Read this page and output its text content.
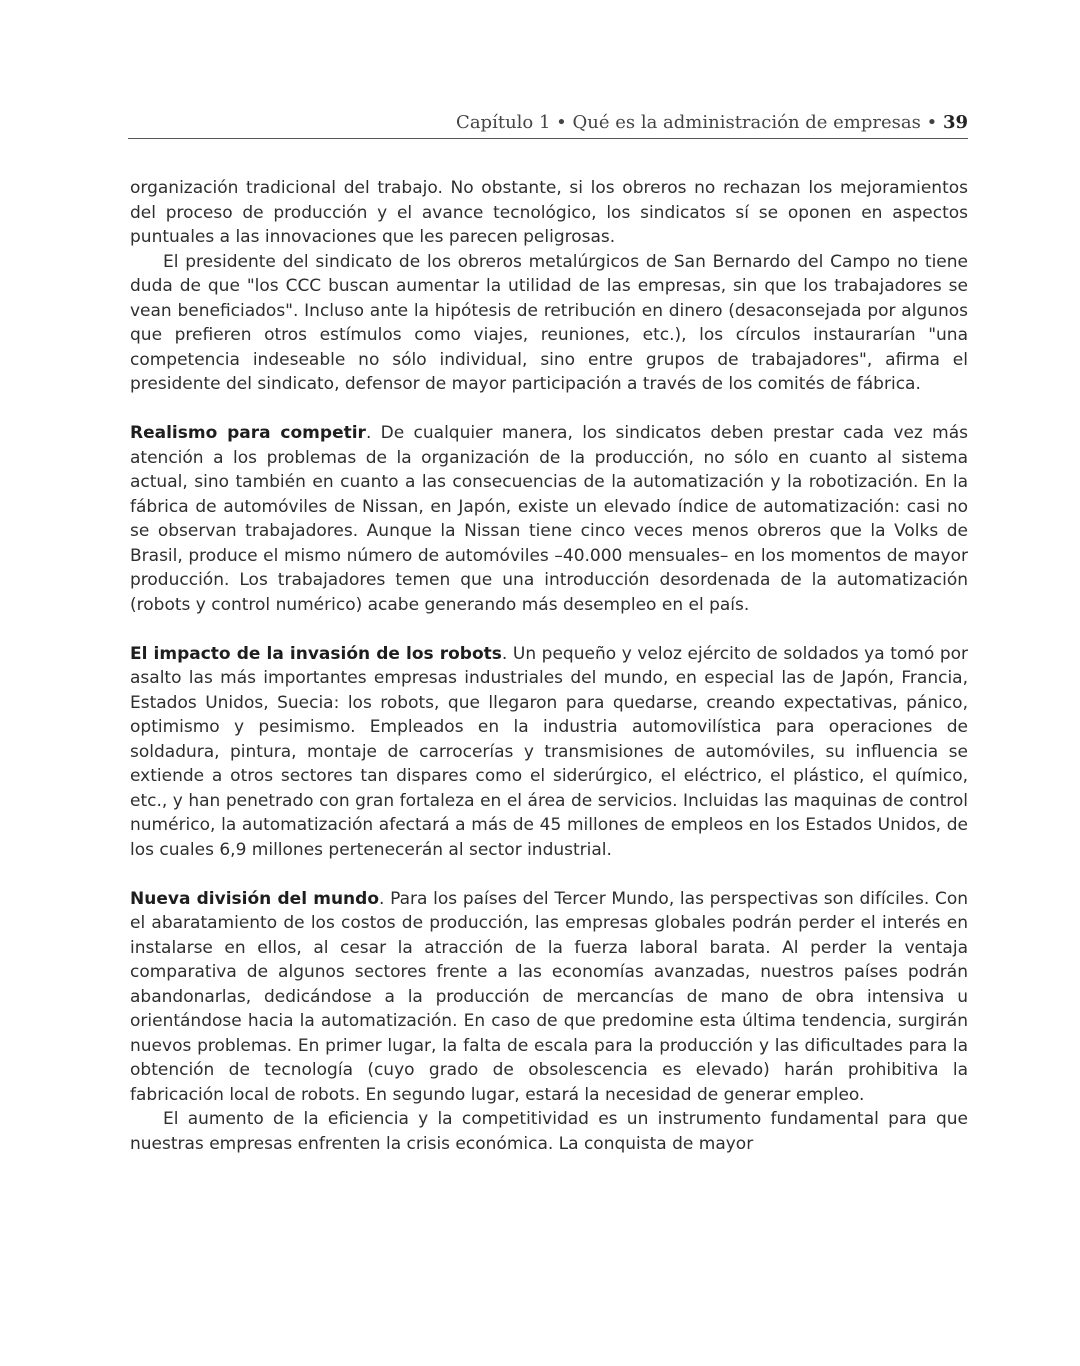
Capítulo 1 • Qué es la administración de empresas • 39

organización tradicional del trabajo. No obstante, si los obreros no rechazan los mejoramientos del proceso de producción y el avance tecnológico, los sindicatos sí se oponen en aspectos puntuales a las innovaciones que les parecen peligrosas.

El presidente del sindicato de los obreros metalúrgicos de San Bernardo del Campo no tiene duda de que "los CCC buscan aumentar la utilidad de las empresas, sin que los trabajadores se vean beneficiados". Incluso ante la hipótesis de retribución en dinero (desaconsejada por algunos que prefieren otros estímulos como viajes, reuniones, etc.), los círculos instaurarían "una competencia indeseable no sólo individual, sino entre grupos de trabajadores", afirma el presidente del sindicato, defensor de mayor participación a través de los comités de fábrica.

Realismo para competir. De cualquier manera, los sindicatos deben prestar cada vez más atención a los problemas de la organización de la producción, no sólo en cuanto al sistema actual, sino también en cuanto a las consecuencias de la automatización y la robotización. En la fábrica de automóviles de Nissan, en Japón, existe un elevado índice de automatización: casi no se observan trabajadores. Aunque la Nissan tiene cinco veces menos obreros que la Volks de Brasil, produce el mismo número de automóviles –40.000 mensuales– en los momentos de mayor producción. Los trabajadores temen que una introducción desordenada de la automatización (robots y control numérico) acabe generando más desempleo en el país.

El impacto de la invasión de los robots. Un pequeño y veloz ejército de soldados ya tomó por asalto las más importantes empresas industriales del mundo, en especial las de Japón, Francia, Estados Unidos, Suecia: los robots, que llegaron para quedarse, creando expectativas, pánico, optimismo y pesimismo. Empleados en la industria automovilística para operaciones de soldadura, pintura, montaje de carrocerías y transmisiones de automóviles, su influencia se extiende a otros sectores tan dispares como el siderúrgico, el eléctrico, el plástico, el químico, etc., y han penetrado con gran fortaleza en el área de servicios. Incluidas las maquinas de control numérico, la automatización afectará a más de 45 millones de empleos en los Estados Unidos, de los cuales 6,9 millones pertenecerán al sector industrial.

Nueva división del mundo. Para los países del Tercer Mundo, las perspectivas son difíciles. Con el abaratamiento de los costos de producción, las empresas globales podrán perder el interés en instalarse en ellos, al cesar la atracción de la fuerza laboral barata. Al perder la ventaja comparativa de algunos sectores frente a las economías avanzadas, nuestros países podrán abandonarlas, dedicándose a la producción de mercancías de mano de obra intensiva u orientándose hacia la automatización. En caso de que predomine esta última tendencia, surgirán nuevos problemas. En primer lugar, la falta de escala para la producción y las dificultades para la obtención de tecnología (cuyo grado de obsolescencia es elevado) harán prohibitiva la fabricación local de robots. En segundo lugar, estará la necesidad de generar empleo.

El aumento de la eficiencia y la competitividad es un instrumento fundamental para que nuestras empresas enfrenten la crisis económica. La conquista de mayor
